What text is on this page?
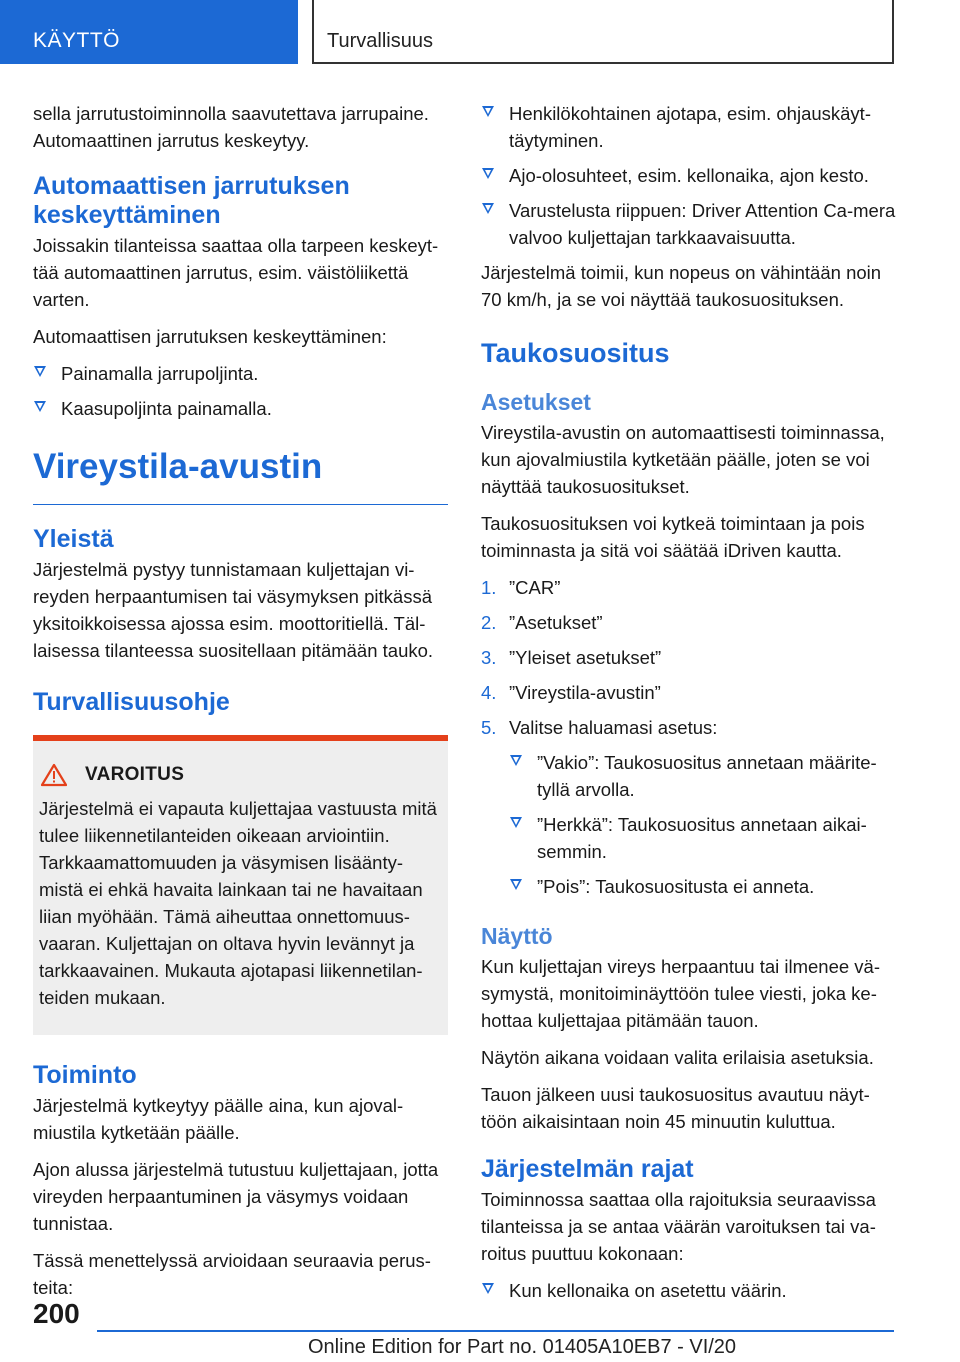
KÄYTTÖ	Turvallisuus

sella jarrutustoiminnolla saavutettava jarrupaine. Automaattinen jarrutus keskeytyy.

Automaattisen jarrutuksen keskeyttäminen

Joissakin tilanteissa saattaa olla tarpeen keskeyt-tää automaattinen jarrutus, esim. väistöliikettä varten.

Automaattisen jarrutuksen keskeyttäminen:

Painamalla jarrupoljinta.
Kaasupoljinta painamalla.
Vireystila-avustin
Yleistä

Järjestelmä pystyy tunnistamaan kuljettajan vi-reyden herpaantumisen tai väsymyksen pitkässä yksitoikkoisessa ajossa esim. moottoritiellä. Täl-laisessa tilanteessa suositellaan pitämään tauko.

Turvallisuusohje
VAROITUS

Järjestelmä ei vapauta kuljettajaa vastuusta mitä tulee liikennetilanteiden oikeaan arviointiin. Tarkkaamattomuuden ja väsymisen lisäänty-mistä ei ehkä havaita lainkaan tai ne havaitaan liian myöhään. Tämä aiheuttaa onnettomuus-vaaran. Kuljettajan on oltava hyvin levännyt ja tarkkaavainen. Mukauta ajotapasi liikennetilan-teiden mukaan.

Toiminto

Järjestelmä kytkeytyy päälle aina, kun ajoval-miustila kytketään päälle.

Ajon alussa järjestelmä tutustuu kuljettajaan, jotta vireyden herpaantuminen ja väsymys voidaan tunnistaa.

Tässä menettelyssä arvioidaan seuraavia perus-teita:

Henkilökohtainen ajotapa, esim. ohjauskäyt-täytyminen.
Ajo-olosuhteet, esim. kellonaika, ajon kesto.
Varustelusta riippuen: Driver Attention Ca-mera valvoo kuljettajan tarkkaavaisuutta.

Järjestelmä toimii, kun nopeus on vähintään noin 70 km/h, ja se voi näyttää taukosuosituksen.

Taukosuositus
Asetukset

Vireystila-avustin on automaattisesti toiminnassa, kun ajovalmiustila kytketään päälle, joten se voi näyttää taukosuositukset.

Taukosuosituksen voi kytkeä toimintaan ja pois toiminnasta ja sitä voi säätää iDriven kautta.

1. ”CAR”
2. ”Asetukset”
3. ”Yleiset asetukset”
4. ”Vireystila-avustin”
5. Valitse haluamasi asetus:
”Vakio”: Taukosuositus annetaan määrite-tyllä arvolla.
”Herkkä”: Taukosuositus annetaan aikai-semmin.
”Pois”: Taukosuositusta ei anneta.
Näyttö

Kun kuljettajan vireys herpaantuu tai ilmenee vä-symystä, monitoiminäyttöön tulee viesti, joka ke-hottaa kuljettajaa pitämään tauon.

Näytön aikana voidaan valita erilaisia asetuksia.

Tauon jälkeen uusi taukosuositus avautuu näyt-töön aikaisintaan noin 45 minuutin kuluttua.

Järjestelmän rajat

Toiminnossa saattaa olla rajoituksia seuraavissa tilanteissa ja se antaa väärän varoituksen tai va-roitus puuttuu kokonaan:

Kun kellonaika on asetettu väärin.
200
Online Edition for Part no. 01405A10EB7 - VI/20
